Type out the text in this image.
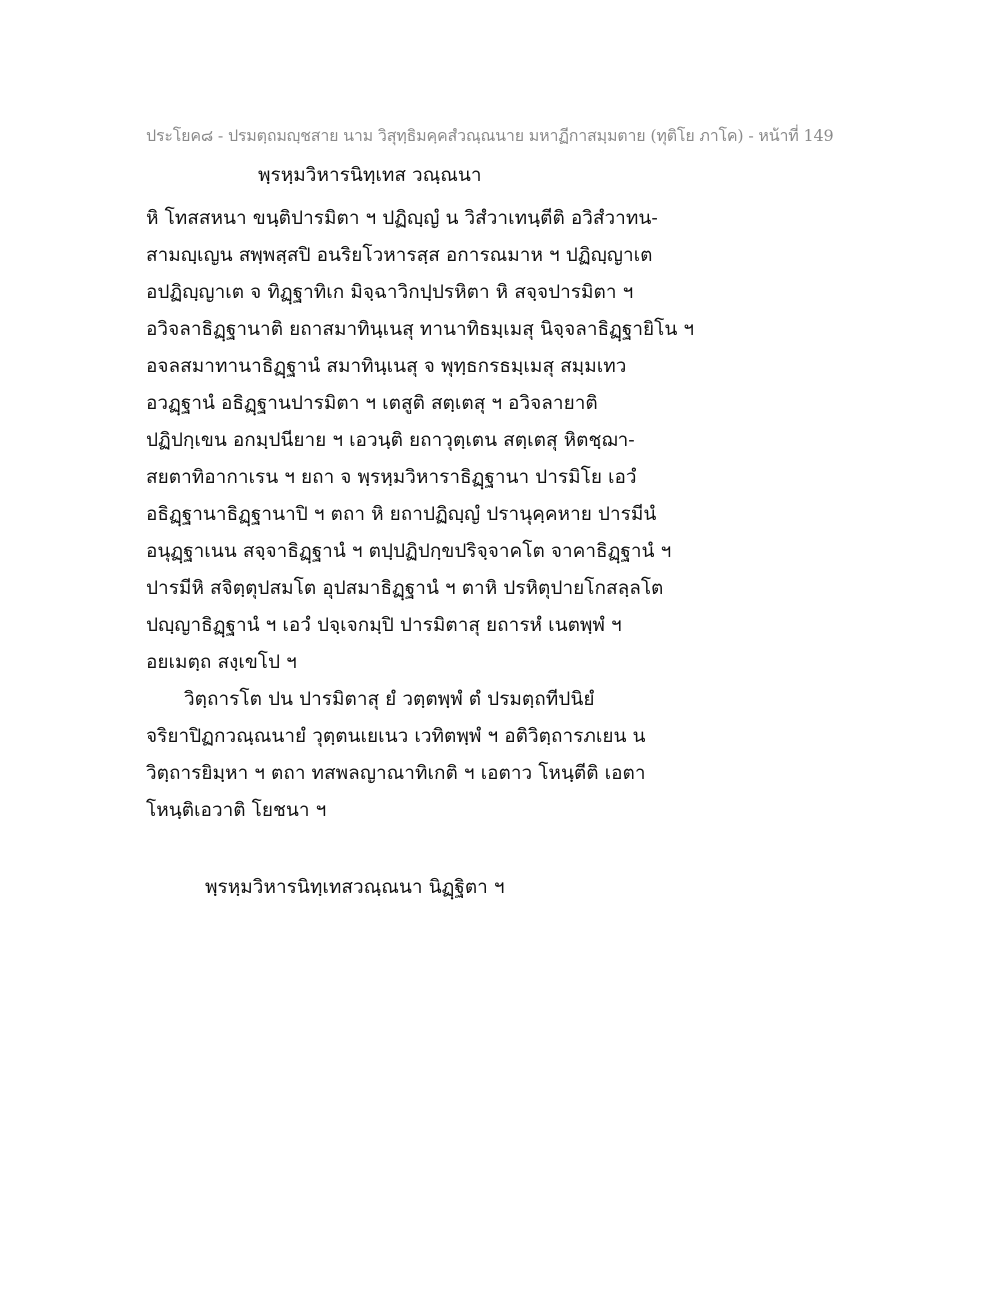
ประโยค๘ - ปรมตฺถมญฺชสาย นาม วิสุทฺธิมคฺคสํวณฺณนาย มหาฏีกาสมฺมตาย (ทุติโย ภาโค) - หน้าที่ 149
พฺรหฺมวิหารนิทฺเทส วณฺณนา
หิ โทสสหนา ขนฺติปารมิตา ฯ ปฏิญฺญํ น วิสํวาเทนฺตีติ อวิสํวาทน-
สามญฺเญน สพฺพสฺสปิ อนริยโวหารสฺส อการณมาห ฯ ปฏิญฺญาเต
อปฏิญฺญาเต จ ทิฏฺฐาทิเก มิจฺฉาวิกปฺปรหิตา หิ สจฺจปารมิตา ฯ
อวิจลาธิฏฺฐานาติ ยถาสมาทินฺเนสุ ทานาทิธมฺเมสุ นิจฺจลาธิฏฺฐายิโน ฯ
อจลสมาทานาธิฏฺฐานํ สมาทินฺเนสุ จ พุทฺธกรธมฺเมสุ สมฺมเทว
อวฏฺฐานํ อธิฏฺฐานปารมิตา ฯ เตสูติ สตฺเตสุ ฯ อวิจลายาติ
ปฏิปกฺเขน อกมฺปนียาย ฯ เอวนฺติ ยถาวุตฺเตน สตฺเตสุ หิตชฺฌา-
สยตาทิอากาเรน ฯ ยถา จ พฺรหฺมวิหาราธิฏฺฐานา ปารมิโย เอวํ
อธิฏฺฐานาธิฏฺฐานาปิ ฯ ตถา หิ ยถาปฏิญฺญํ ปรานุคฺคหาย ปารมีนํ
อนุฏฺฐาเนน สจฺจาธิฏฺฐานํ ฯ ตปฺปฏิปกฺขปริจฺจาคโต จาคาธิฏฺฐานํ ฯ
ปารมีหิ สจิตฺตุปสมโต อุปสมาธิฏฺฐานํ ฯ ตาหิ ปรหิตุปายโกสลฺลโต
ปญฺญาธิฏฺฐานํ ฯ เอวํ ปจฺเจกมฺปิ ปารมิตาสุ ยถารหํ เนตพฺพํ ฯ
อยเมตฺถ สงฺเขโป ฯ
วิตฺถารโต ปน ปารมิตาสุ ยํ วตฺตพฺพํ ตํ ปรมตฺถทีปนิยํ
จริยาปิฏกวณฺณนายํ วุตฺตนเยเนว เวทิตพฺพํ ฯ อติวิตฺถารภเยน น
วิตฺถารยิมฺหา ฯ ตถา ทสพลญาณาทิเกติ ฯ เอตาว โหนฺตีติ เอตา
โหนฺติเอวาติ โยชนา ฯ
พฺรหฺมวิหารนิทฺเทสวณฺณนา นิฏฺฐิตา ฯ
